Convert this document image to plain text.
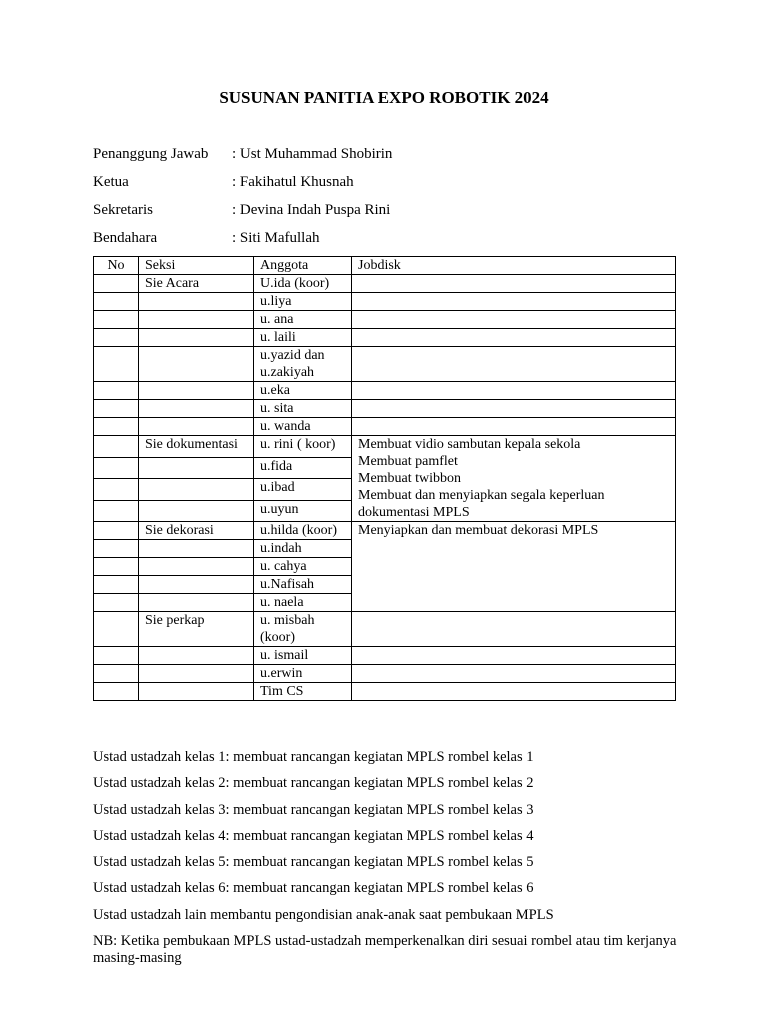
SUSUNAN PANITIA EXPO ROBOTIK 2024
Penanggung Jawab	: Ust Muhammad Shobirin
Ketua	: Fakihatul Khusnah
Sekretaris	: Devina Indah Puspa Rini
Bendahara	: Siti Mafullah
No	Seksi	Anggota	Jobdisk
	Sie Acara	U.ida (koor)	
		u.liya	
		u. ana	
		u. laili	
		u.yazid dan u.zakiyah	
		u.eka	
		u. sita	
		u. wanda	
	Sie dokumentasi	u. rini ( koor)	Membuat vidio sambutan kepala sekola
Membuat pamflet
Membuat twibbon
Membuat dan menyiapkan segala keperluan dokumentasi MPLS

		u.fida	
		u.ibad	
		u.uyun	
	Sie dekorasi	u.hilda (koor)	Menyiapkan dan membuat dekorasi MPLS

		u.indah	
		u. cahya	
		u.Nafisah	
		u. naela	
	Sie perkap	u. misbah (koor)	
		u. ismail	
		u.erwin	
		Tim CS	
Ustad ustadzah kelas 1: membuat rancangan kegiatan MPLS rombel kelas 1
Ustad ustadzah kelas 2: membuat rancangan kegiatan MPLS rombel kelas 2
Ustad ustadzah kelas 3: membuat rancangan kegiatan MPLS rombel kelas 3
Ustad ustadzah kelas 4: membuat rancangan kegiatan MPLS rombel kelas 4
Ustad ustadzah kelas 5: membuat rancangan kegiatan MPLS rombel kelas 5
Ustad ustadzah kelas 6: membuat rancangan kegiatan MPLS rombel kelas 6
Ustad ustadzah lain membantu pengondisian anak-anak saat pembukaan MPLS
NB: Ketika pembukaan MPLS ustad-ustadzah memperkenalkan diri sesuai rombel atau tim kerjanya masing-masing
